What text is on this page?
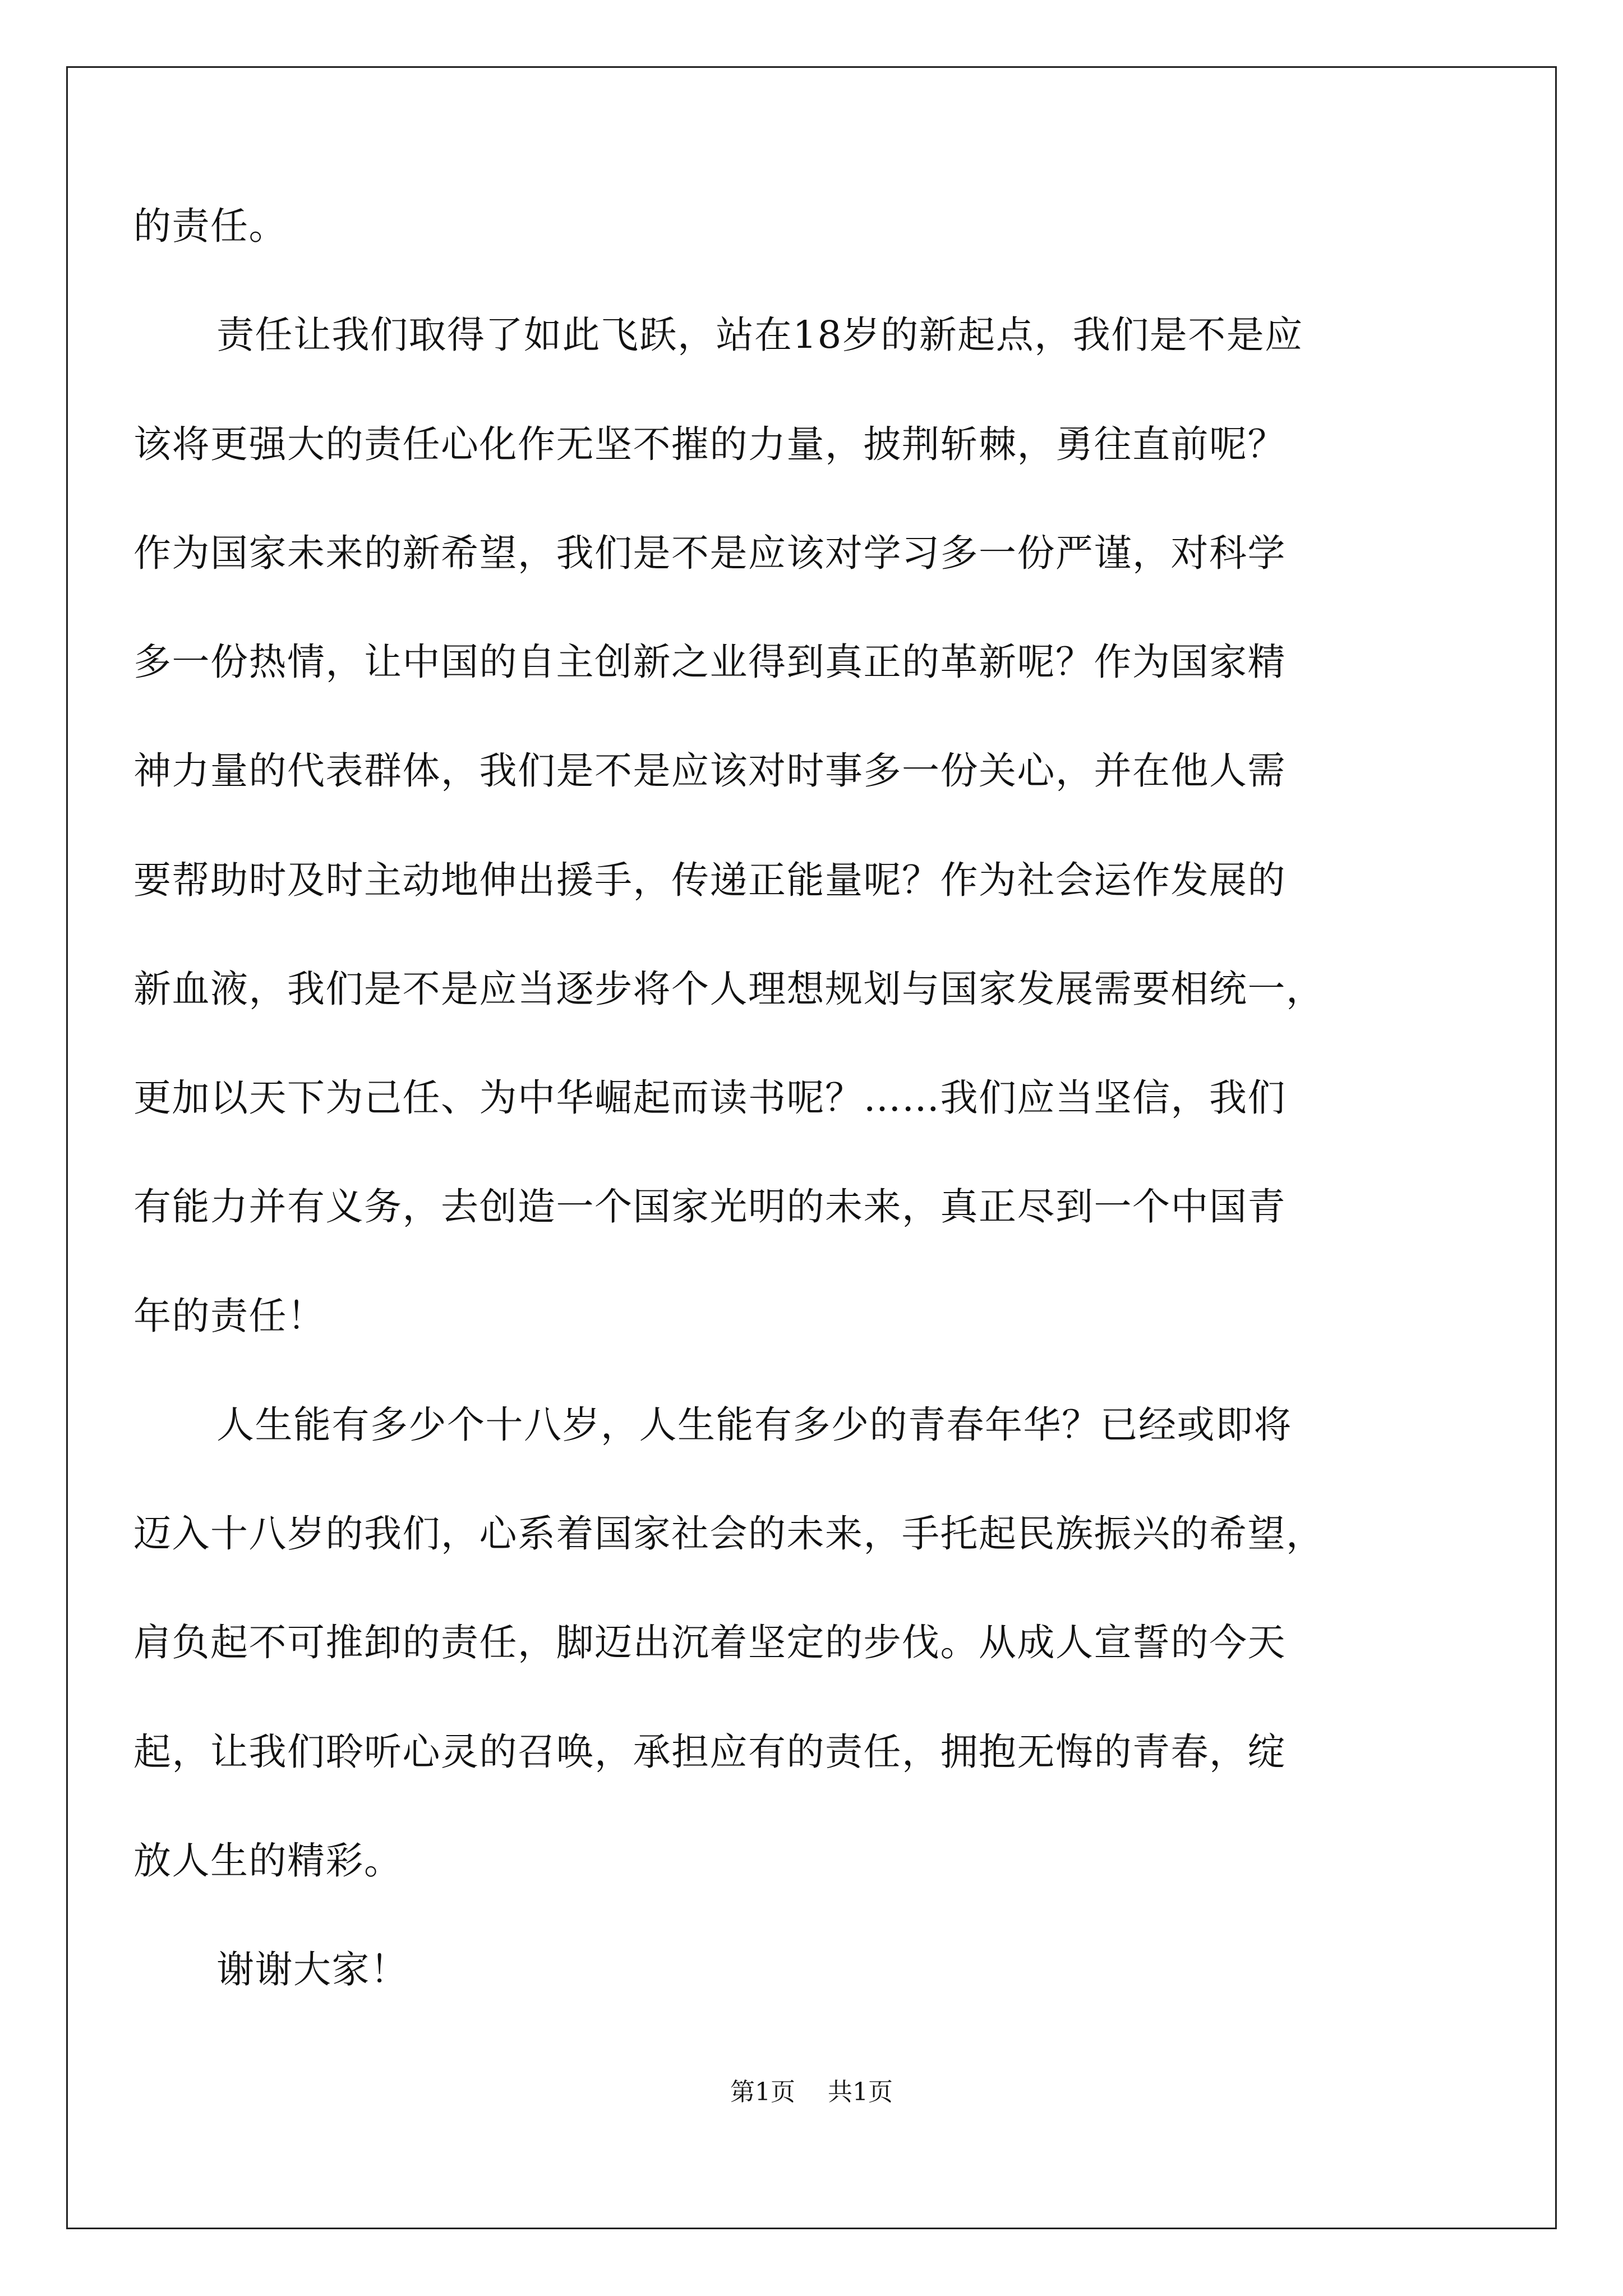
的责任。
责任让我们取得了如此飞跃，站在18岁的新起点，我们是不是应
该将更强大的责任心化作无坚不摧的力量，披荆斩棘，勇往直前呢？
作为国家未来的新希望，我们是不是应该对学习多一份严谨，对科学
多一份热情，让中国的自主创新之业得到真正的革新呢？作为国家精
神力量的代表群体，我们是不是应该对时事多一份关心，并在他人需
要帮助时及时主动地伸出援手，传递正能量呢？作为社会运作发展的
新血液，我们是不是应当逐步将个人理想规划与国家发展需要相统一，
更加以天下为己任、为中华崛起而读书呢？……我们应当坚信，我们
有能力并有义务，去创造一个国家光明的未来，真正尽到一个中国青
年的责任！
人生能有多少个十八岁，人生能有多少的青春年华？已经或即将
迈入十八岁的我们，心系着国家社会的未来，手托起民族振兴的希望，
肩负起不可推卸的责任，脚迈出沉着坚定的步伐。从成人宣誓的今天
起，让我们聆听心灵的召唤，承担应有的责任，拥抱无悔的青春，绽
放人生的精彩。
谢谢大家！
第1页 共1页
